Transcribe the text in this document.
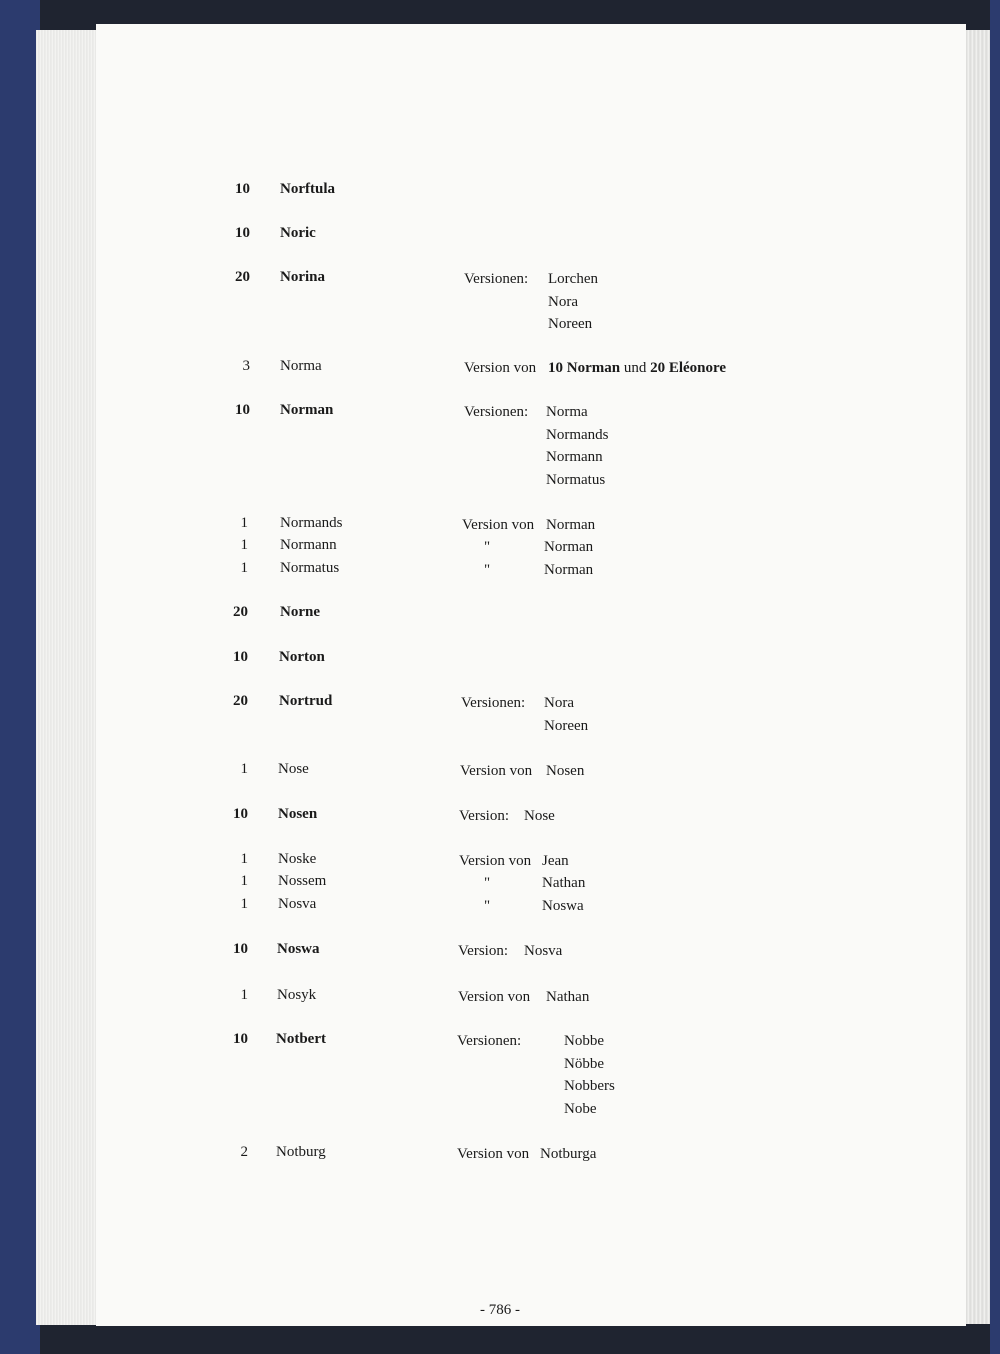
10 Norftula
10 Noric
20 Norina	Versionen: Lorchen
Nora
Noreen
3 Norma	Version von 10 Norman und 20 Eléonore
10 Norman	Versionen: Norma
Normands
Normann
Normatus
1 Normands	Version von Norman
1 Normann	"	Norman
1 Normatus	"	Norman
20 Norne
10 Norton
20 Nortrud	Versionen: Nora
Noreen
1 Nose	Version von Nosen
10 Nosen	Version: Nose
1 Noske	Version von Jean
1 Nossem	"	Nathan
1 Nosva	"	Noswa
10 Noswa	Version: Nosva
1 Nosyk	Version von Nathan
10 Notbert	Versionen:	Nobbe
Nöbbe
Nobbers
Nobe
2 Notburg	Version von Notburga
- 786 -
